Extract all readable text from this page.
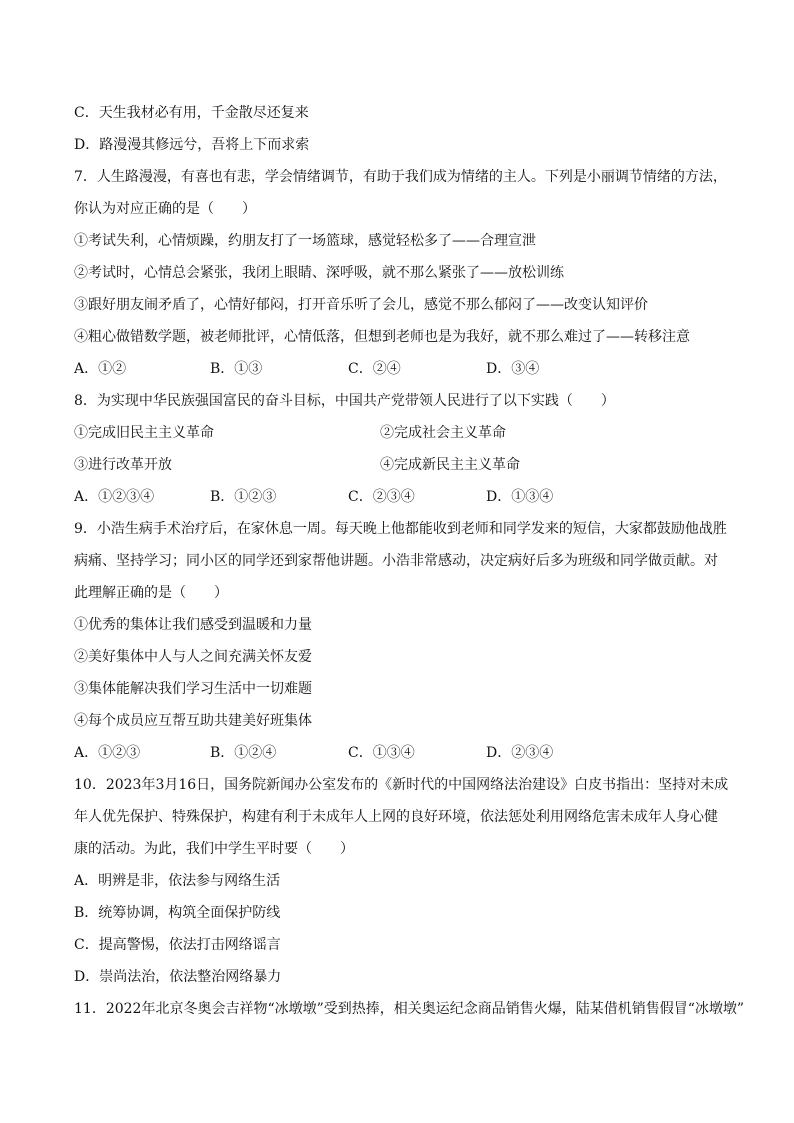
C．天生我材必有用，千金散尽还复来
D．路漫漫其修远兮，吾将上下而求索
7．人生路漫漫，有喜也有悲，学会情绪调节，有助于我们成为情绪的主人。下列是小丽调节情绪的方法，
你认为对应正确的是（　　）
①考试失利，心情烦躁，约朋友打了一场篮球，感觉轻松多了——合理宣泄
②考试时，心情总会紧张，我闭上眼睛、深呼吸，就不那么紧张了——放松训练
③跟好朋友闹矛盾了，心情好郁闷，打开音乐听了会儿，感觉不那么郁闷了——改变认知评价
④粗心做错数学题，被老师批评，心情低落，但想到老师也是为我好，就不那么难过了——转移注意
A．①②	B．①③	C．②④	D．③④
8．为实现中华民族强国富民的奋斗目标，中国共产党带领人民进行了以下实践（　　）
①完成旧民主主义革命	②完成社会主义革命
③进行改革开放	④完成新民主主义革命
A．①②③④	B．①②③	C．②③④	D．①③④
9．小浩生病手术治疗后，在家休息一周。每天晚上他都能收到老师和同学发来的短信，大家都鼓励他战胜
病痛、坚持学习；同小区的同学还到家帮他讲题。小浩非常感动，决定病好后多为班级和同学做贡献。对
此理解正确的是（　　）
①优秀的集体让我们感受到温暖和力量
②美好集体中人与人之间充满关怀友爱
③集体能解决我们学习生活中一切难题
④每个成员应互帮互助共建美好班集体
A．①②③	B．①②④	C．①③④	D．②③④
10．2023年3月16日，国务院新闻办公室发布的《新时代的中国网络法治建设》白皮书指出：坚持对未成
年人优先保护、特殊保护，构建有利于未成年人上网的良好环境，依法惩处利用网络危害未成年人身心健
康的活动。为此，我们中学生平时要（　　）
A．明辨是非，依法参与网络生活
B．统筹协调，构筑全面保护防线
C．提高警惕，依法打击网络谣言
D．崇尚法治，依法整治网络暴力
11．2022年北京冬奥会吉祥物“冰墩墩”受到热捧，相关奥运纪念商品销售火爆，陆某借机销售假冒“冰墩墩”
